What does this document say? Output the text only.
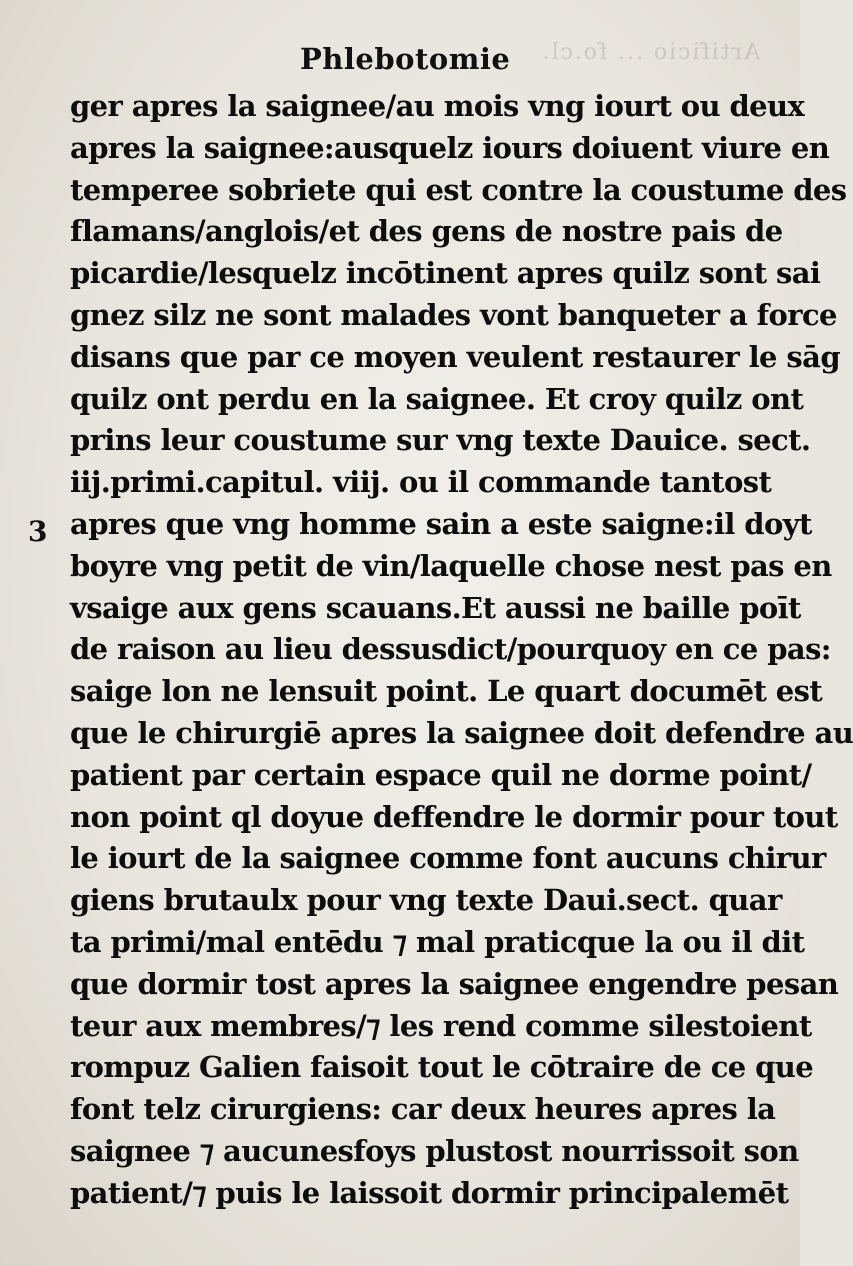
Artificio ... fo.cl.
Phlebotomie
3
ger apres la saignee/au mois vng iourt ou deux
apres la saignee:ausquelz iours doiuent viure en
temperee sobriete qui est contre la coustume des
flamans/anglois/et des gens de nostre pais de
picardie/lesquelz incōtinent apres quilz sont sai
gnez silz ne sont malades vont banqueter a force
disans que par ce moyen veulent restaurer le sāg
quilz ont perdu en la saignee. Et croy quilz ont
prins leur coustume sur vng texte Dauice. sect.
iij.primi.capitul. viij. ou il commande tantost
apres que vng homme sain a este saigne:il doyt
boyre vng petit de vin/laquelle chose nest pas en
vsaige aux gens scauans.Et aussi ne baille poīt
de raison au lieu dessusdict/pourquoy en ce pas:
saige lon ne lensuit point. Le quart documēt est
que le chirurgiē apres la saignee doit defendre au
patient par certain espace quil ne dorme point/
non point ql doyue deffendre le dormir pour tout
le iourt de la saignee comme font aucuns chirur
giens brutaulx pour vng texte Daui.sect. quar
ta primi/mal entēdu ⁊ mal praticque la ou il dit
que dormir tost apres la saignee engendre pesan
teur aux membres/⁊ les rend comme silestoient
rompuz Galien faisoit tout le cōtraire de ce que
font telz cirurgiens: car deux heures apres la
saignee ⁊ aucunesfoys plustost nourrissoit son
patient/⁊ puis le laissoit dormir principalemēt
